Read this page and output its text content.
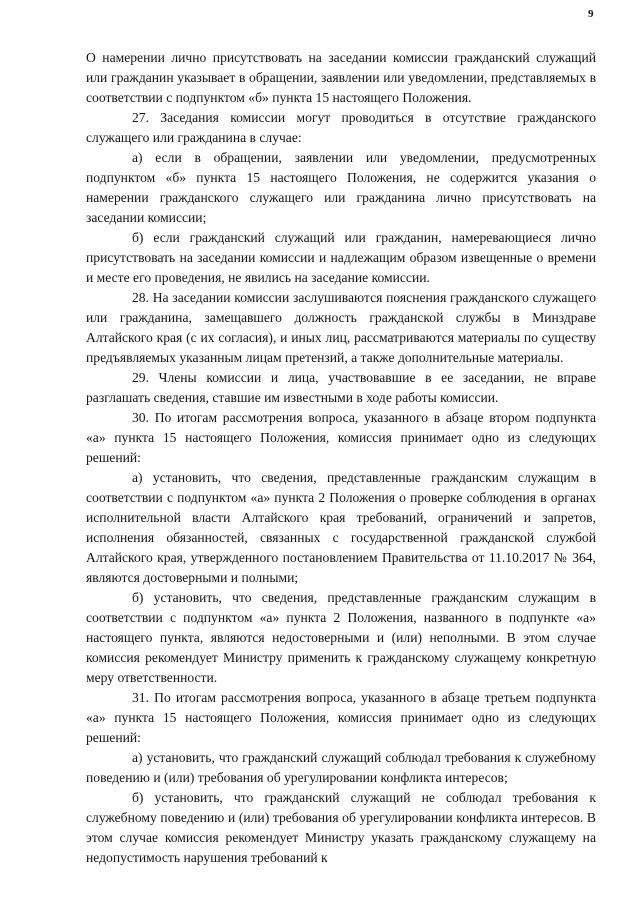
9

О намерении лично присутствовать на заседании комиссии гражданский служащий или гражданин указывает в обращении, заявлении или уведомлении, представляемых в соответствии с подпунктом «б» пункта 15 настоящего Положения.

27. Заседания комиссии могут проводиться в отсутствие гражданского служащего или гражданина в случае:

а) если в обращении, заявлении или уведомлении, предусмотренных подпунктом «б» пункта 15 настоящего Положения, не содержится указания о намерении гражданского служащего или гражданина лично присутствовать на заседании комиссии;

б) если гражданский служащий или гражданин, намеревающиеся лично присутствовать на заседании комиссии и надлежащим образом извещенные о времени и месте его проведения, не явились на заседание комиссии.

28. На заседании комиссии заслушиваются пояснения гражданского служащего или гражданина, замещавшего должность гражданской службы в Минздраве Алтайского края (с их согласия), и иных лиц, рассматриваются материалы по существу предъявляемых указанным лицам претензий, а также дополнительные материалы.

29. Члены комиссии и лица, участвовавшие в ее заседании, не вправе разглашать сведения, ставшие им известными в ходе работы комиссии.

30. По итогам рассмотрения вопроса, указанного в абзаце втором подпункта «а» пункта 15 настоящего Положения, комиссия принимает одно из следующих решений:

а) установить, что сведения, представленные гражданским служащим в соответствии с подпунктом «а» пункта 2 Положения о проверке соблюдения в органах исполнительной власти Алтайского края требований, ограничений и запретов, исполнения обязанностей, связанных с государственной гражданской службой Алтайского края, утвержденного постановлением Правительства от 11.10.2017 № 364, являются достоверными и полными;

б) установить, что сведения, представленные гражданским служащим в соответствии с подпунктом «а» пункта 2 Положения, названного в подпункте «а» настоящего пункта, являются недостоверными и (или) неполными. В этом случае комиссия рекомендует Министру применить к гражданскому служащему конкретную меру ответственности.

31. По итогам рассмотрения вопроса, указанного в абзаце третьем подпункта «а» пункта 15 настоящего Положения, комиссия принимает одно из следующих решений:

а) установить, что гражданский служащий соблюдал требования к служебному поведению и (или) требования об урегулировании конфликта интересов;

б) установить, что гражданский служащий не соблюдал требования к служебному поведению и (или) требования об урегулировании конфликта интересов. В этом случае комиссия рекомендует Министру указать гражданскому служащему на недопустимость нарушения требований к
